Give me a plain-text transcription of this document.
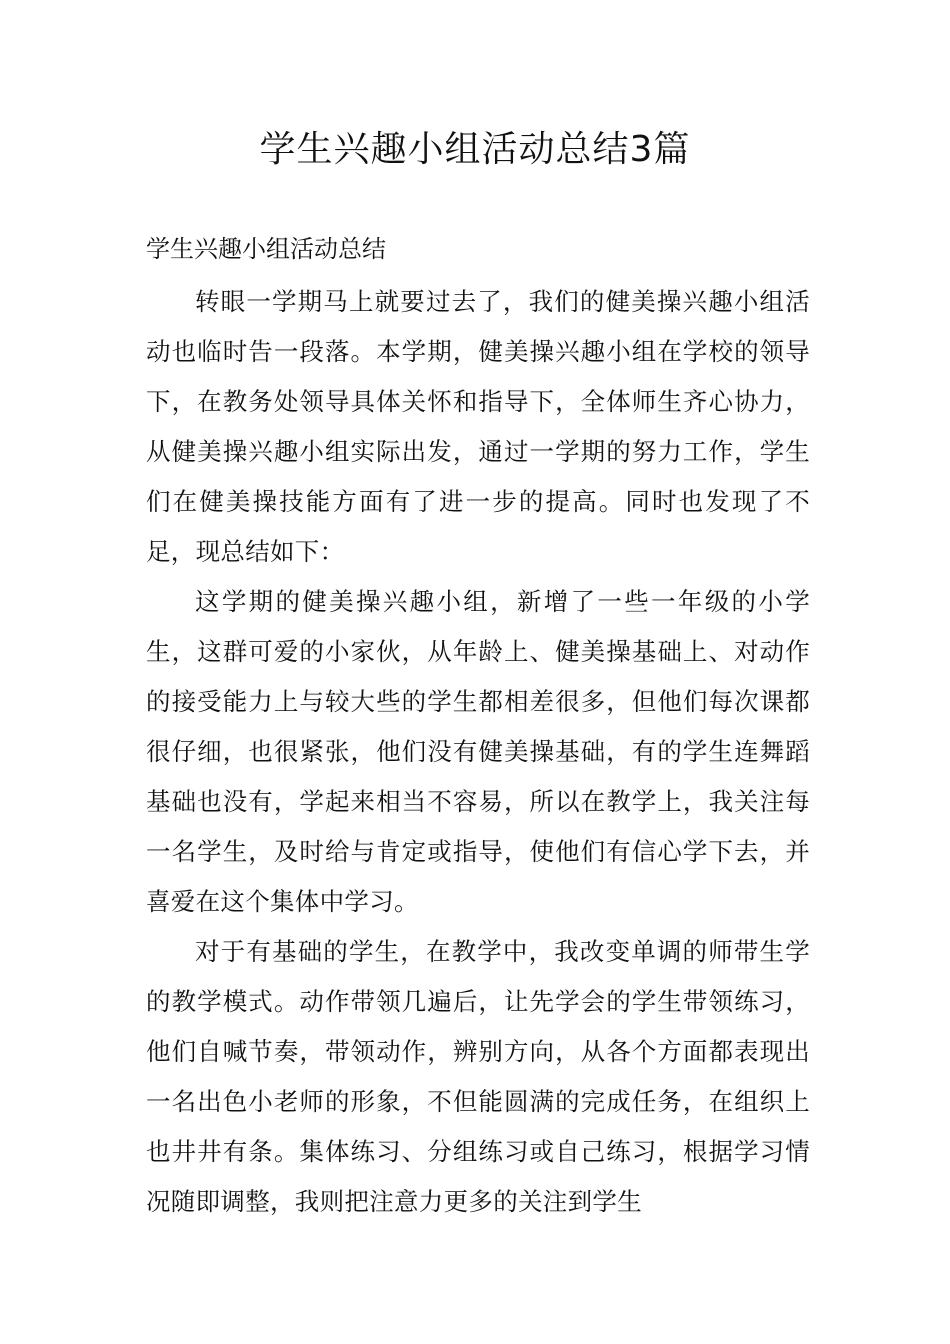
学生兴趣小组活动总结3篇
学生兴趣小组活动总结

转眼一学期马上就要过去了，我们的健美操兴趣小组活动也临时告一段落。本学期，健美操兴趣小组在学校的领导下，在教务处领导具体关怀和指导下，全体师生齐心协力，从健美操兴趣小组实际出发，通过一学期的努力工作，学生们在健美操技能方面有了进一步的提高。同时也发现了不足，现总结如下：

这学期的健美操兴趣小组，新增了一些一年级的小学生，这群可爱的小家伙，从年龄上、健美操基础上、对动作的接受能力上与较大些的学生都相差很多，但他们每次课都很仔细，也很紧张，他们没有健美操基础，有的学生连舞蹈基础也没有，学起来相当不容易，所以在教学上，我关注每一名学生，及时给与肯定或指导，使他们有信心学下去，并喜爱在这个集体中学习。

对于有基础的学生，在教学中，我改变单调的师带生学的教学模式。动作带领几遍后，让先学会的学生带领练习，他们自喊节奏，带领动作，辨别方向，从各个方面都表现出一名出色小老师的形象，不但能圆满的完成任务，在组织上也井井有条。集体练习、分组练习或自己练习，根据学习情况随即调整，我则把注意力更多的关注到学生
